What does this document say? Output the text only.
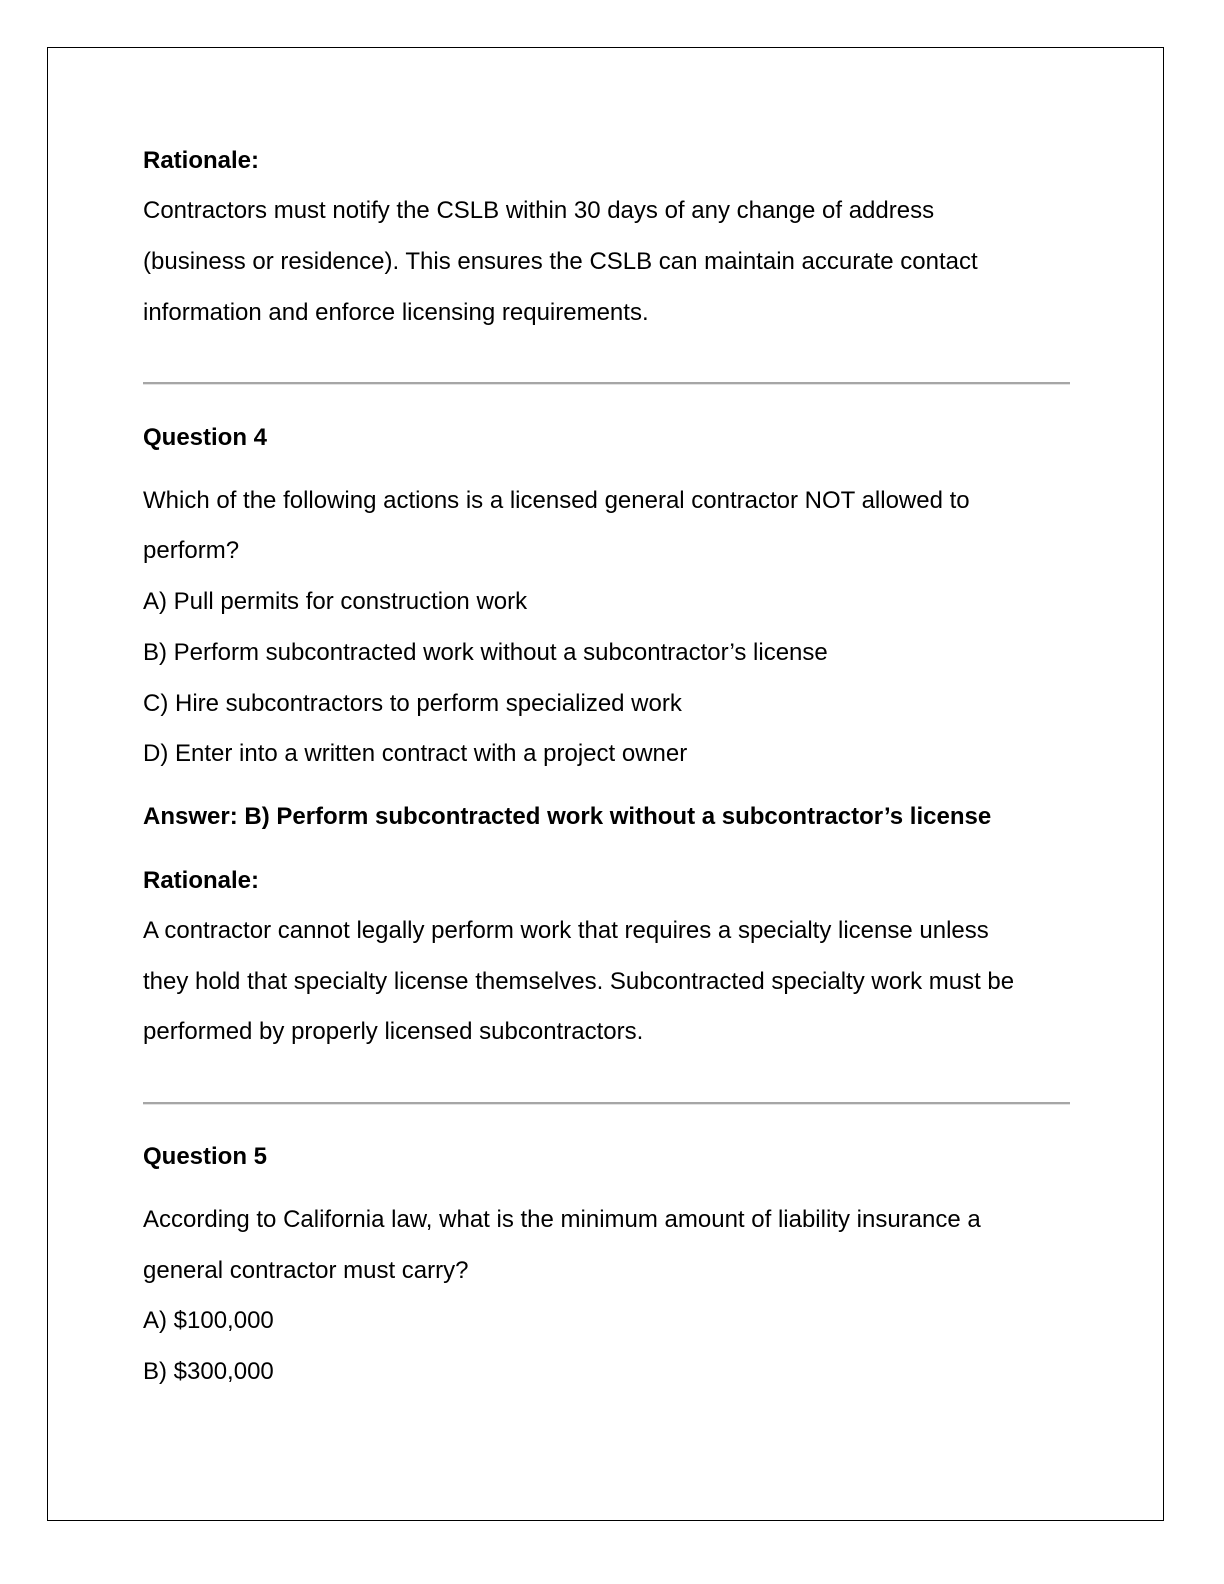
Rationale:

Contractors must notify the CSLB within 30 days of any change of address

(business or residence). This ensures the CSLB can maintain accurate contact

information and enforce licensing requirements.

Question 4

Which of the following actions is a licensed general contractor NOT allowed to

perform?

A) Pull permits for construction work

B) Perform subcontracted work without a subcontractor’s license

C) Hire subcontractors to perform specialized work

D) Enter into a written contract with a project owner

Answer: B) Perform subcontracted work without a subcontractor’s license

Rationale:

A contractor cannot legally perform work that requires a specialty license unless

they hold that specialty license themselves. Subcontracted specialty work must be

performed by properly licensed subcontractors.

Question 5

According to California law, what is the minimum amount of liability insurance a

general contractor must carry?

A) $100,000

B) $300,000
